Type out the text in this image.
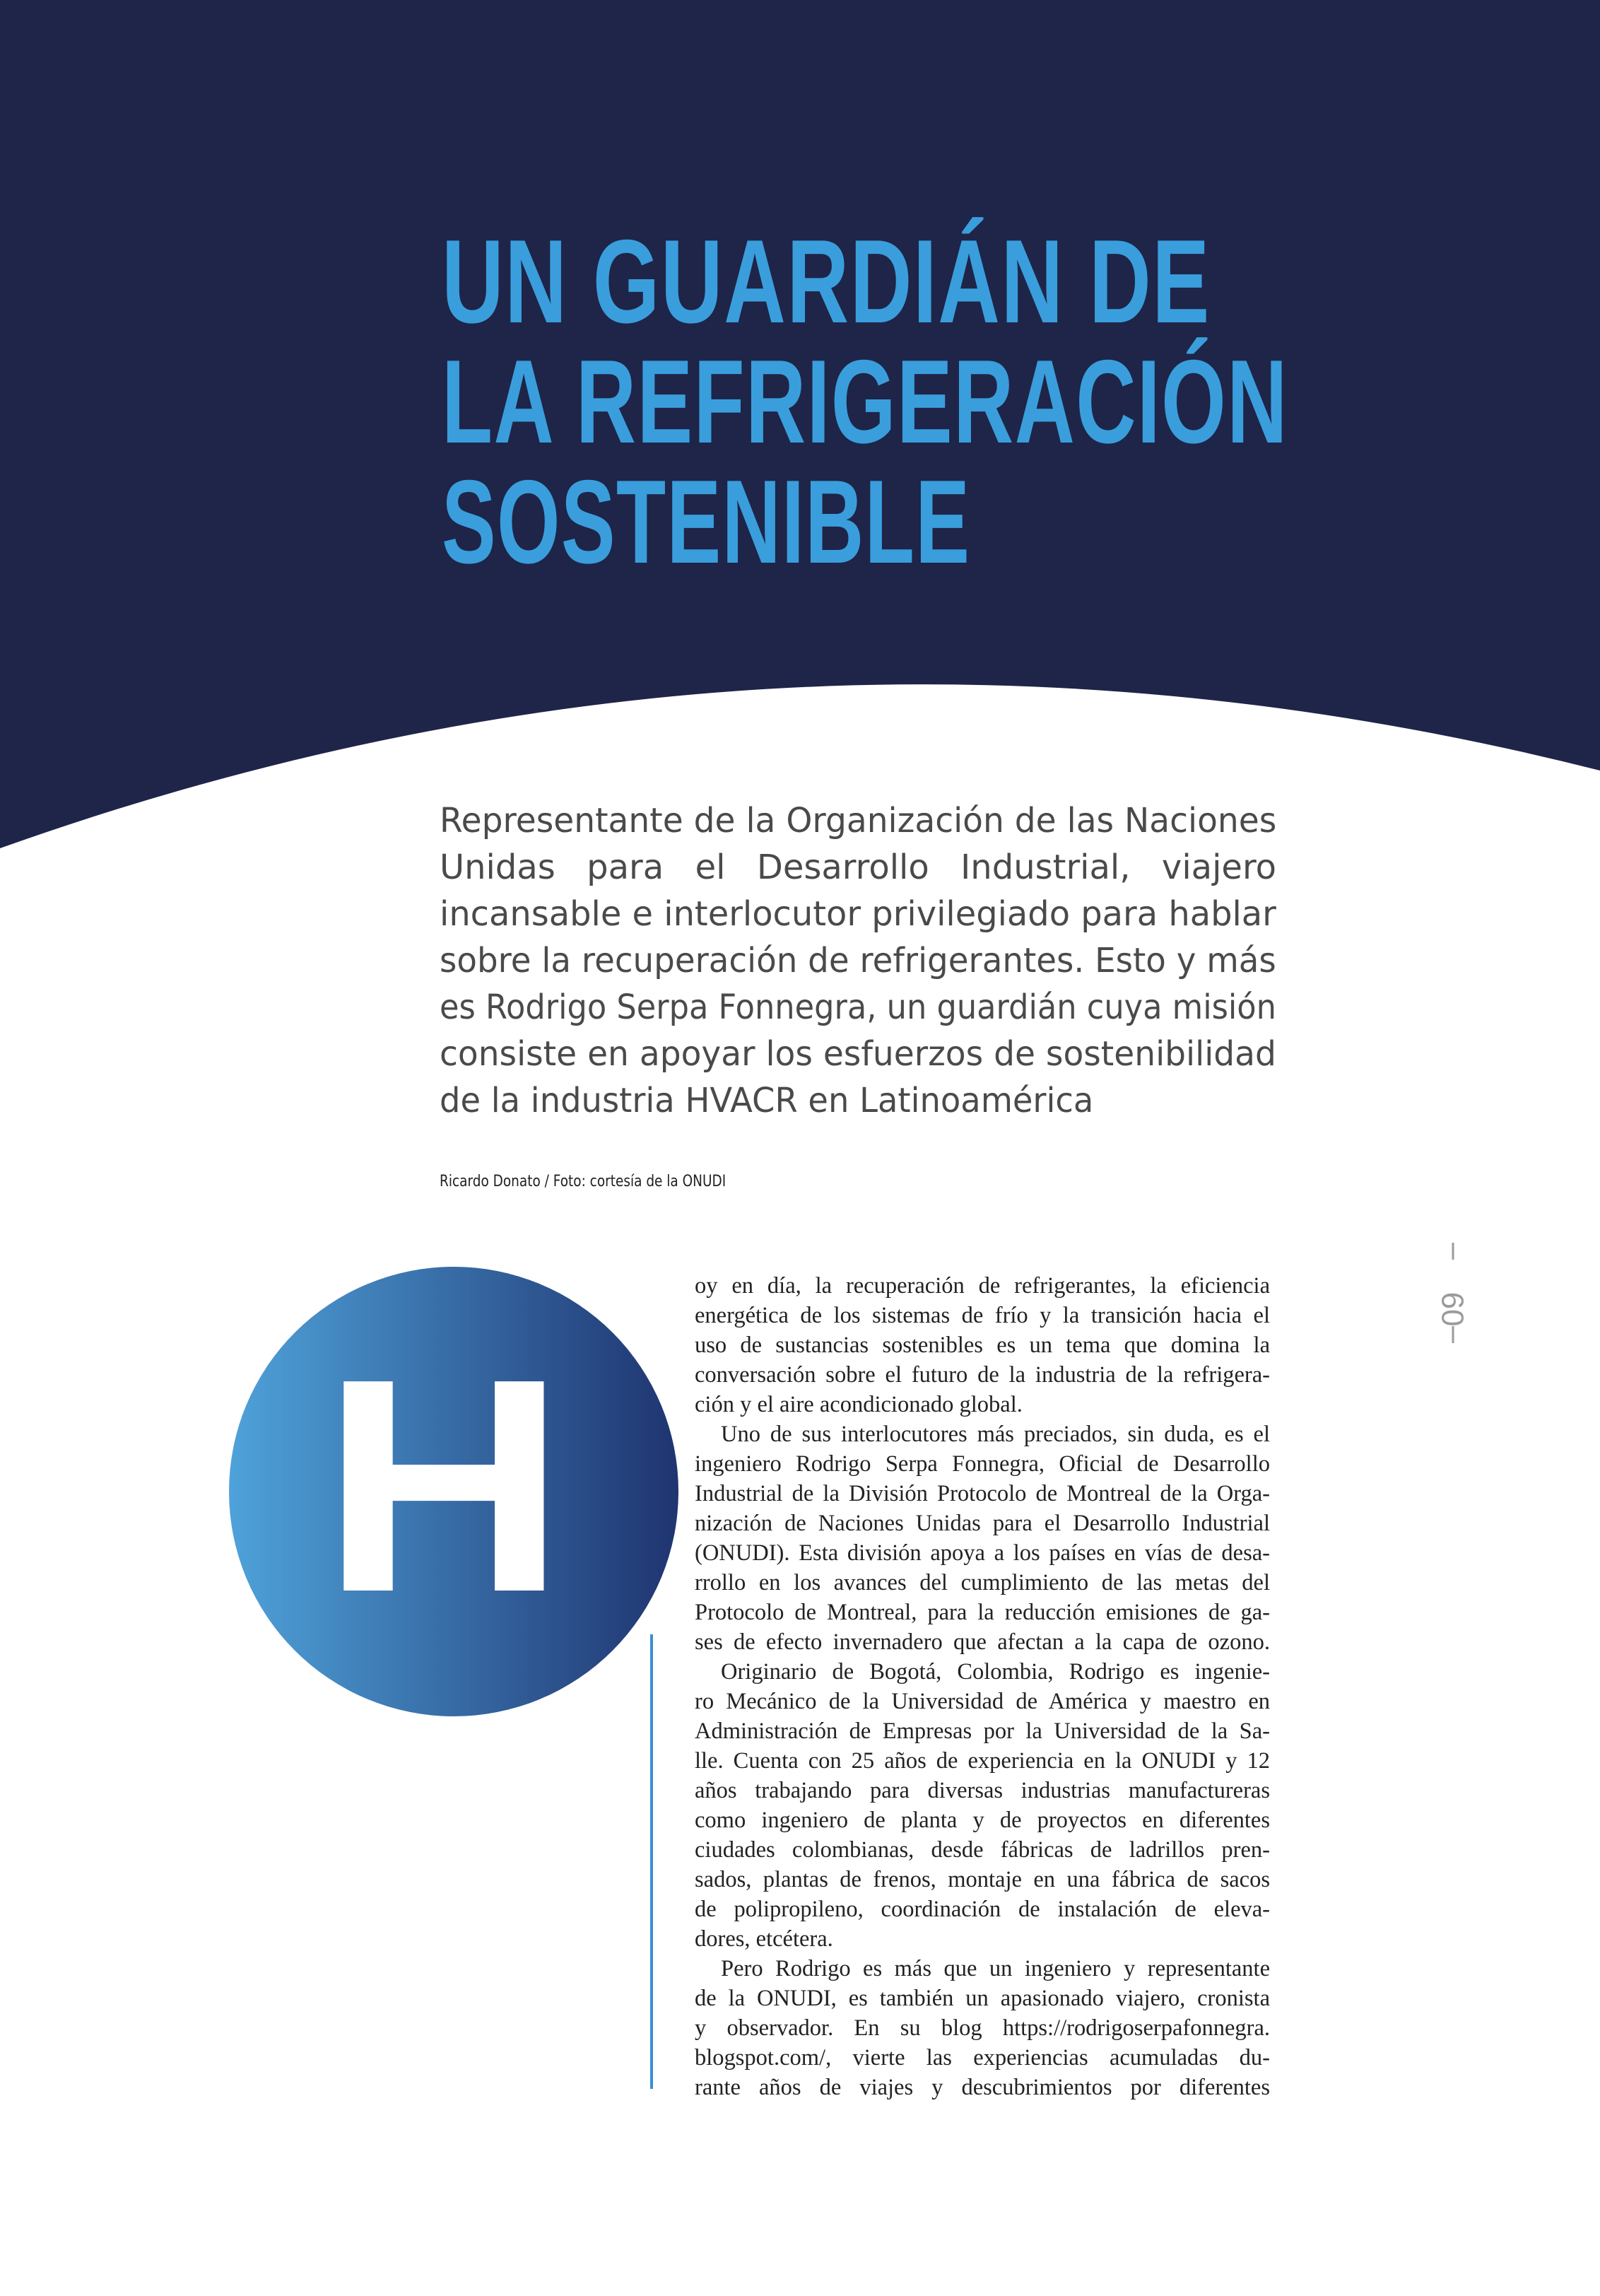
H
UN GUARDIÁN DE
LA REFRIGERACIÓN
SOSTENIBLE

Representante de la Organización de las Naciones

Unidas para el Desarrollo Industrial, viajero

incansable e interlocutor privilegiado para hablar

sobre la recuperación de refrigerantes. Esto y más

es Rodrigo Serpa Fonnegra, un guardián cuya misión

consiste en apoyar los esfuerzos de sostenibilidad

de la industria HVACR en Latinoamérica

Ricardo Donato / Foto: cortesía de la ONUDI

60

oy en día, la recuperación de refrigerantes, la eficiencia

energética de los sistemas de frío y la transición hacia el

uso de sustancias sostenibles es un tema que domina la

conversación sobre el futuro de la industria de la refrigera-

ción y el aire acondicionado global.

Uno de sus interlocutores más preciados, sin duda, es el

ingeniero Rodrigo Serpa Fonnegra, Oficial de Desarrollo

Industrial de la División Protocolo de Montreal de la Orga-

nización de Naciones Unidas para el Desarrollo Industrial

(ONUDI). Esta división apoya a los países en vías de desa-

rrollo en los avances del cumplimiento de las metas del

Protocolo de Montreal, para la reducción emisiones de ga-

ses de efecto invernadero que afectan a la capa de ozono.

Originario de Bogotá, Colombia, Rodrigo es ingenie-

ro Mecánico de la Universidad de América y maestro en

Administración de Empresas por la Universidad de la Sa-

lle. Cuenta con 25 años de experiencia en la ONUDI y 12

años trabajando para diversas industrias manufactureras

como ingeniero de planta y de proyectos en diferentes

ciudades colombianas, desde fábricas de ladrillos pren-

sados, plantas de frenos, montaje en una fábrica de sacos

de polipropileno, coordinación de instalación de eleva-

dores, etcétera.

Pero Rodrigo es más que un ingeniero y representante

de la ONUDI, es también un apasionado viajero, cronista

y observador. En su blog https://rodrigoserpafonnegra.

blogspot.com/, vierte las experiencias acumuladas du-

rante años de viajes y descubrimientos por diferentes
